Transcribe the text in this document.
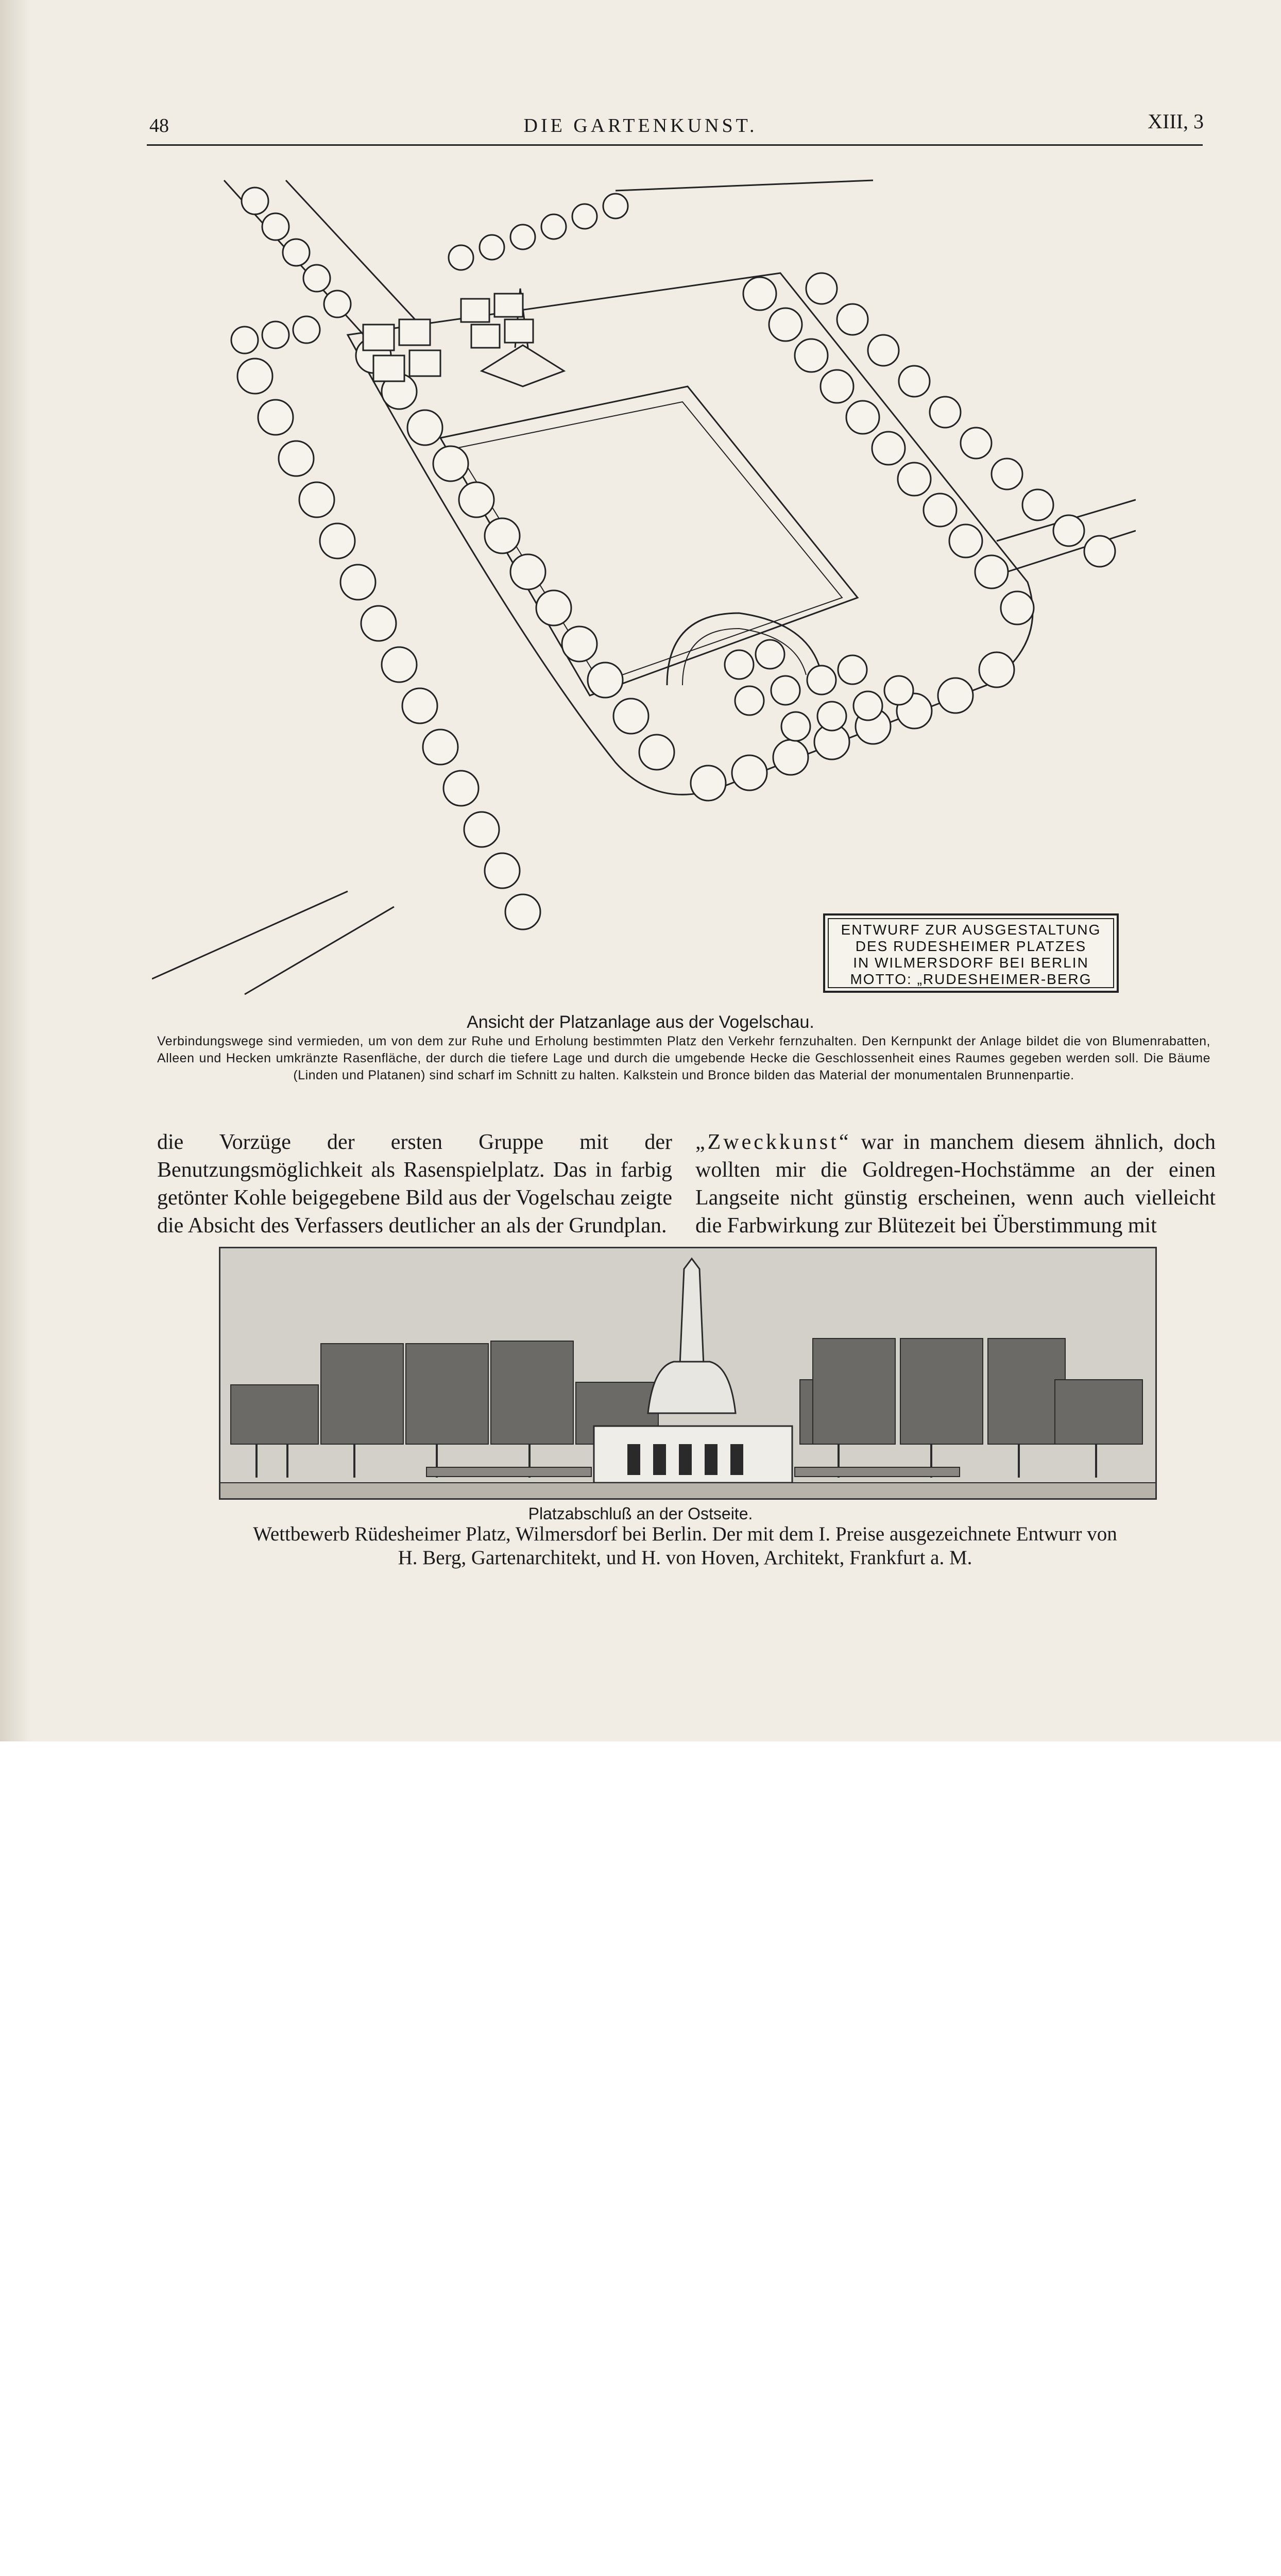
48	DIE GARTENKUNST.	XIII, 3
ENTWURF ZUR AUSGESTALTUNG
DES RUDESHEIMER PLATZES
IN WILMERSDORF BEI BERLIN
MOTTO: „RUDESHEIMER-BERG
Ansicht der Platzanlage aus der Vogelschau.
Verbindungswege sind vermieden, um von dem zur Ruhe und Erholung bestimmten Platz den Verkehr fernzuhalten. Den Kernpunkt der Anlage bildet die von Blumenrabatten, Alleen und Hecken umkränzte Rasenfläche, der durch die tiefere Lage und durch die umgebende Hecke die Geschlossenheit eines Raumes gegeben werden soll. Die Bäume (Linden und Platanen) sind scharf im Schnitt zu halten. Kalkstein und Bronce bilden das Material der monumentalen Brunnenpartie.
die Vorzüge der ersten Gruppe mit der Benutzungsmöglichkeit als Rasenspielplatz. Das in farbig getönter Kohle beigegebene Bild aus der Vogelschau zeigte die Absicht des Verfassers deutlicher an als der Grundplan.
„Zweckkunst“ war in manchem diesem ähnlich, doch wollten mir die Goldregen-Hochstämme an der einen Langseite nicht günstig erscheinen, wenn auch vielleicht die Farbwirkung zur Blütezeit bei Überstimmung mit
Platzabschluß an der Ostseite.
Wettbewerb Rüdesheimer Platz, Wilmersdorf bei Berlin. Der mit dem I. Preise ausgezeichnete Entwurr von
H. Berg, Gartenarchitekt, und H. von Hoven, Architekt, Frankfurt a. M.
